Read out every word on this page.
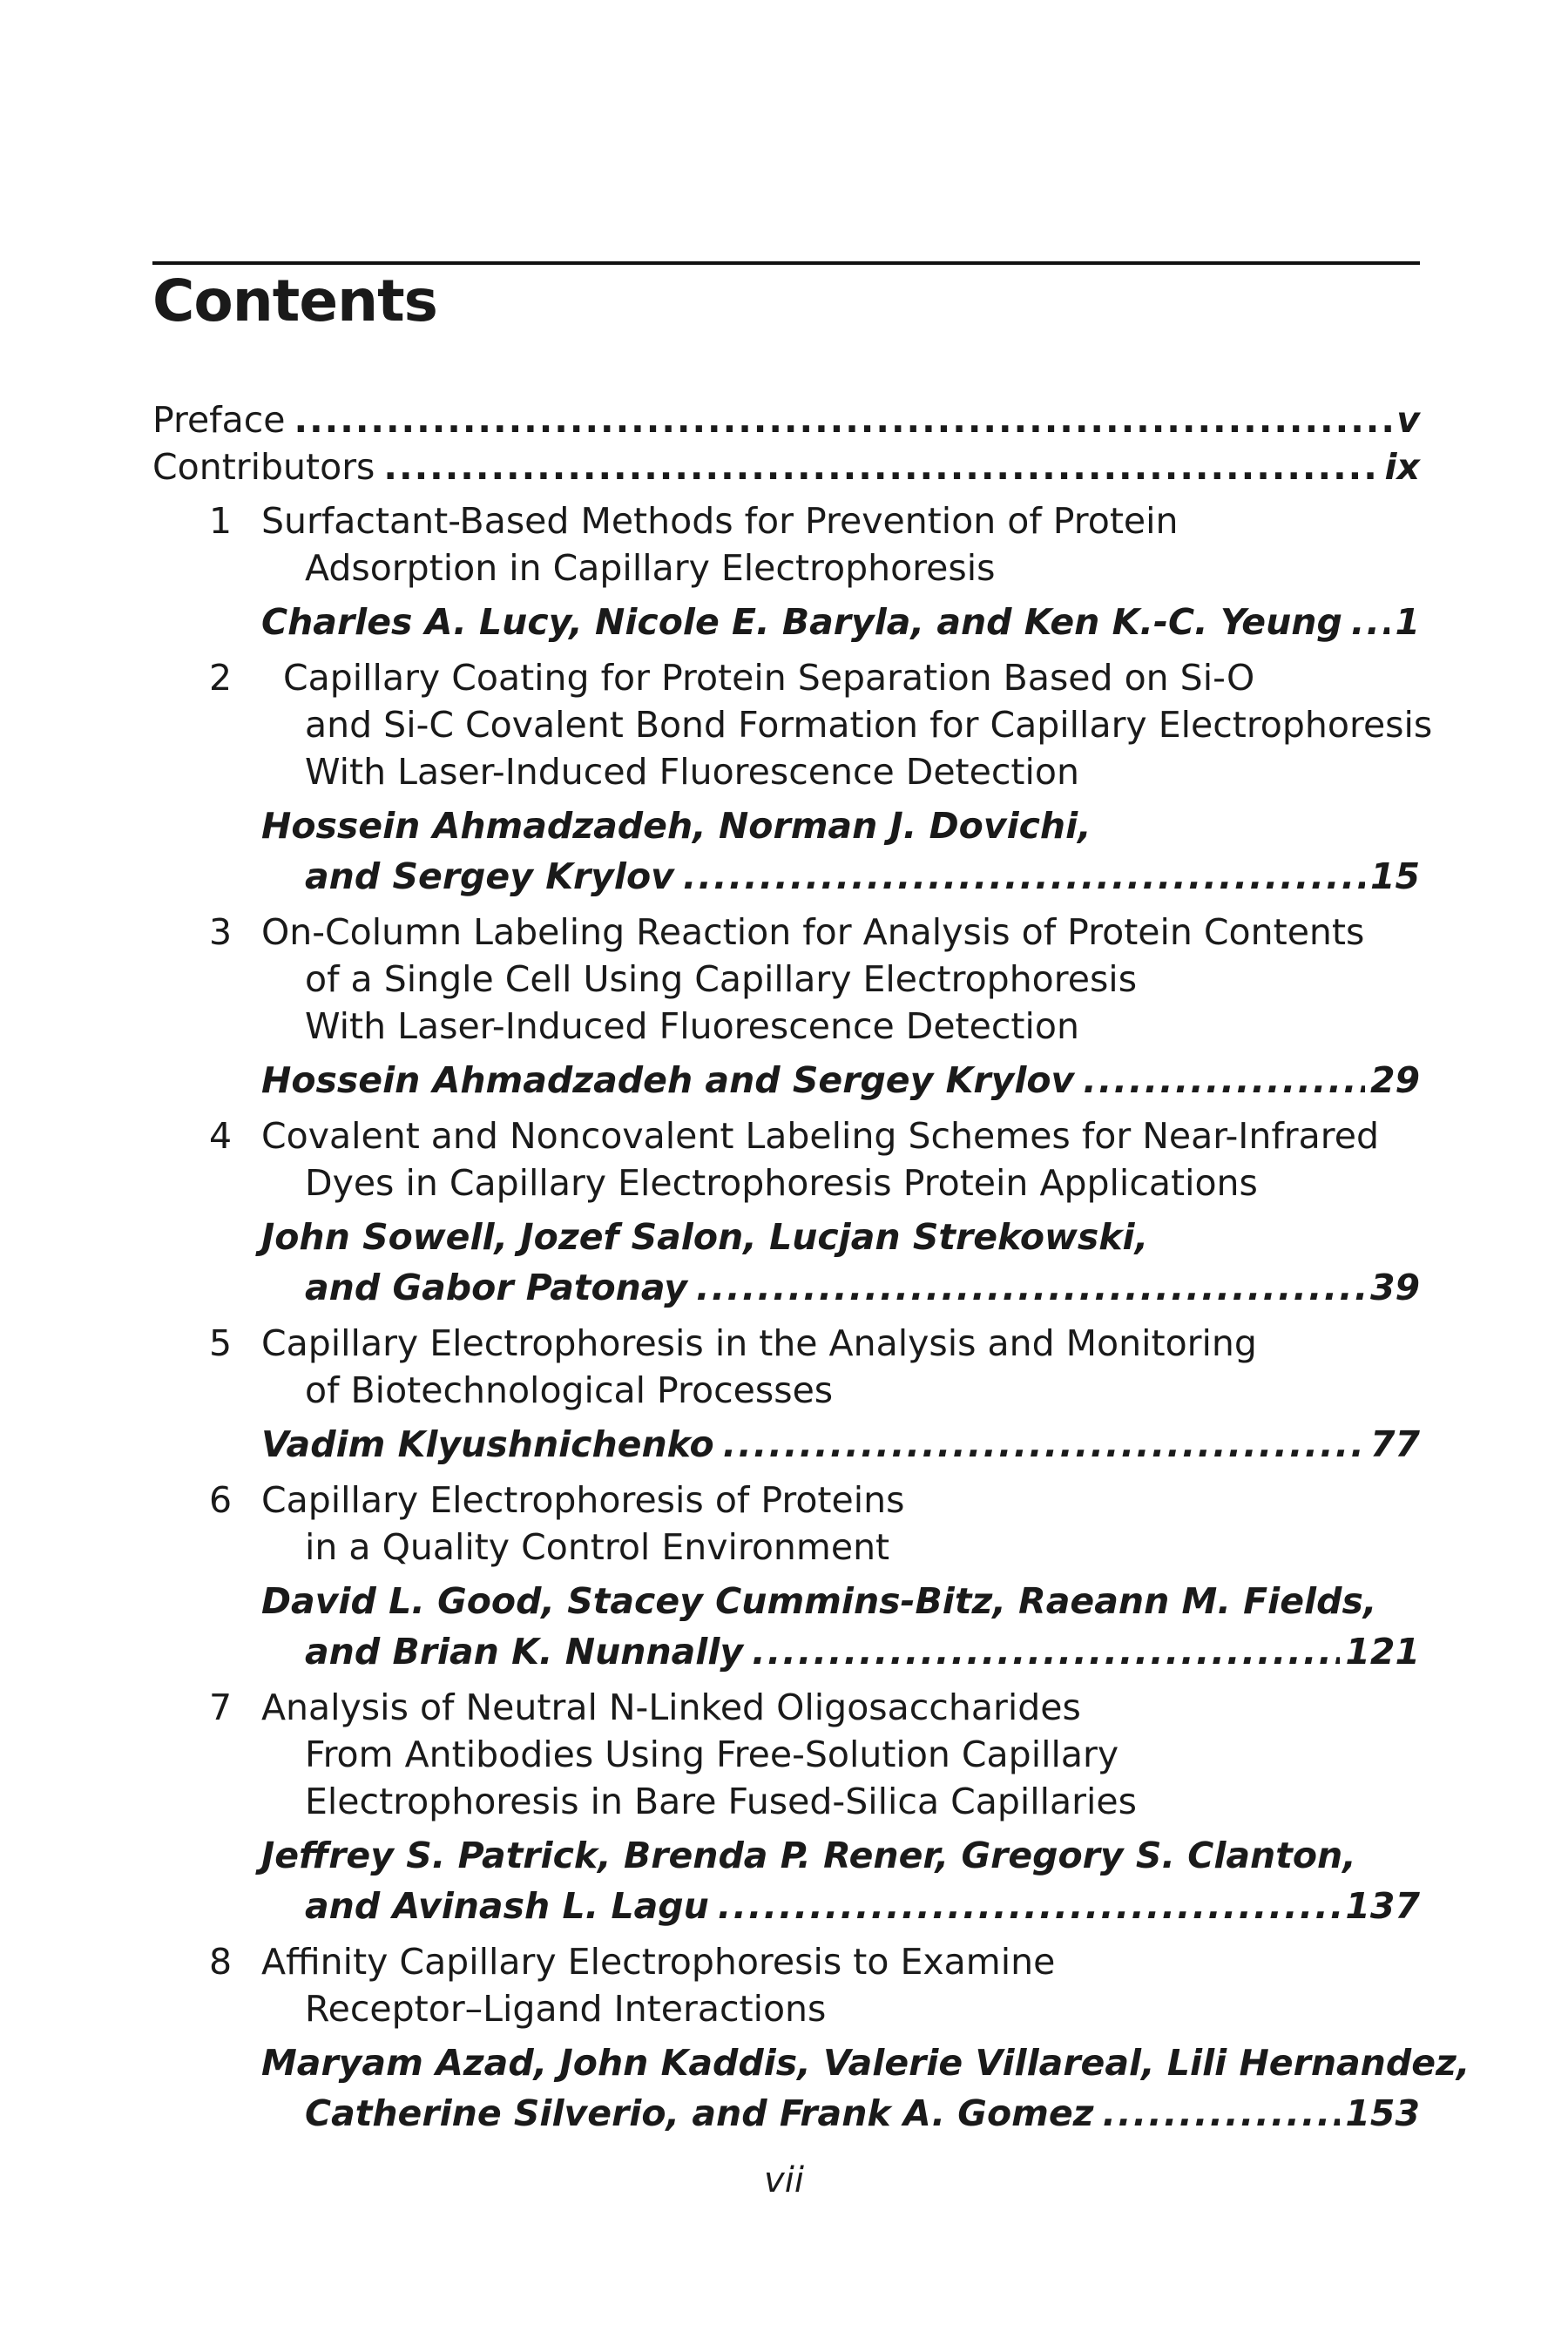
Contents
Preface .....	v
Contributors .....	ix
1 Surfactant-Based Methods for Prevention of Protein
Adsorption in Capillary Electrophoresis
Charles A. Lucy, Nicole E. Baryla, and Ken K.-C. Yeung ..... 1
2	Capillary Coating for Protein Separation Based on Si-O
and Si-C Covalent Bond Formation for Capillary Electrophoresis
With Laser-Induced Fluorescence Detection
Hossein Ahmadzadeh, Norman J. Dovichi,
and Sergey Krylov .....	15
3 On-Column Labeling Reaction for Analysis of Protein Contents
of a Single Cell Using Capillary Electrophoresis
With Laser-Induced Fluorescence Detection
Hossein Ahmadzadeh and Sergey Krylov .....	29
4 Covalent and Noncovalent Labeling Schemes for Near-Infrared
Dyes in Capillary Electrophoresis Protein Applications
John Sowell, Jozef Salon, Lucjan Strekowski,
and Gabor Patonay .....	39
5 Capillary Electrophoresis in the Analysis and Monitoring
of Biotechnological Processes
Vadim Klyushnichenko .....	77
6 Capillary Electrophoresis of Proteins
in a Quality Control Environment
David L. Good, Stacey Cummins-Bitz, Raeann M. Fields,
and Brian K. Nunnally .....	121
7 Analysis of Neutral N-Linked Oligosaccharides
From Antibodies Using Free-Solution Capillary
Electrophoresis in Bare Fused-Silica Capillaries
Jeffrey S. Patrick, Brenda P. Rener, Gregory S. Clanton,
and Avinash L. Lagu .....	137
8 Affinity Capillary Electrophoresis to Examine
Receptor–Ligand Interactions
Maryam Azad, John Kaddis, Valerie Villareal, Lili Hernandez,
Catherine Silverio, and Frank A. Gomez .....	153
vii
